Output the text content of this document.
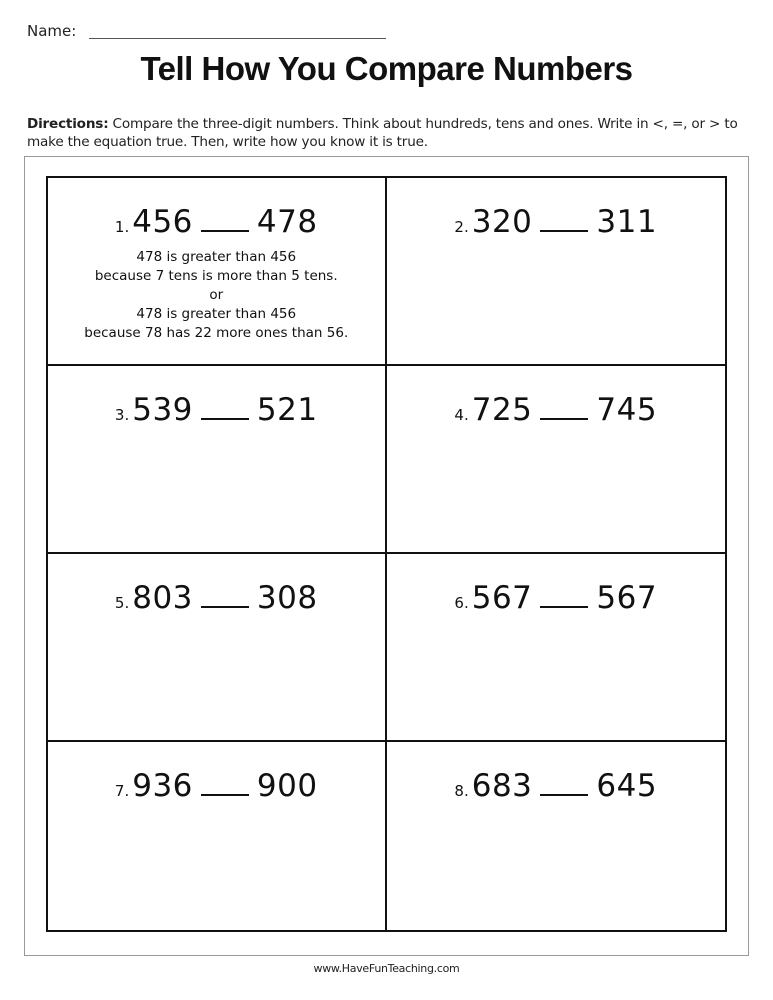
Name:
Tell How You Compare Numbers
Directions: Compare the three-digit numbers. Think about hundreds, tens and ones. Write in <, =, or > to make the equation true. Then, write how you know it is true.
1.456 478
478 is greater than 456
because 7 tens is more than 5 tens.
or
478 is greater than 456
because 78 has 22 more ones than 56.
2.320 311
3.539 521	4.725 745
5.803 308	6.567 567
7.936 900	8.683 645
www.HaveFunTeaching.com
